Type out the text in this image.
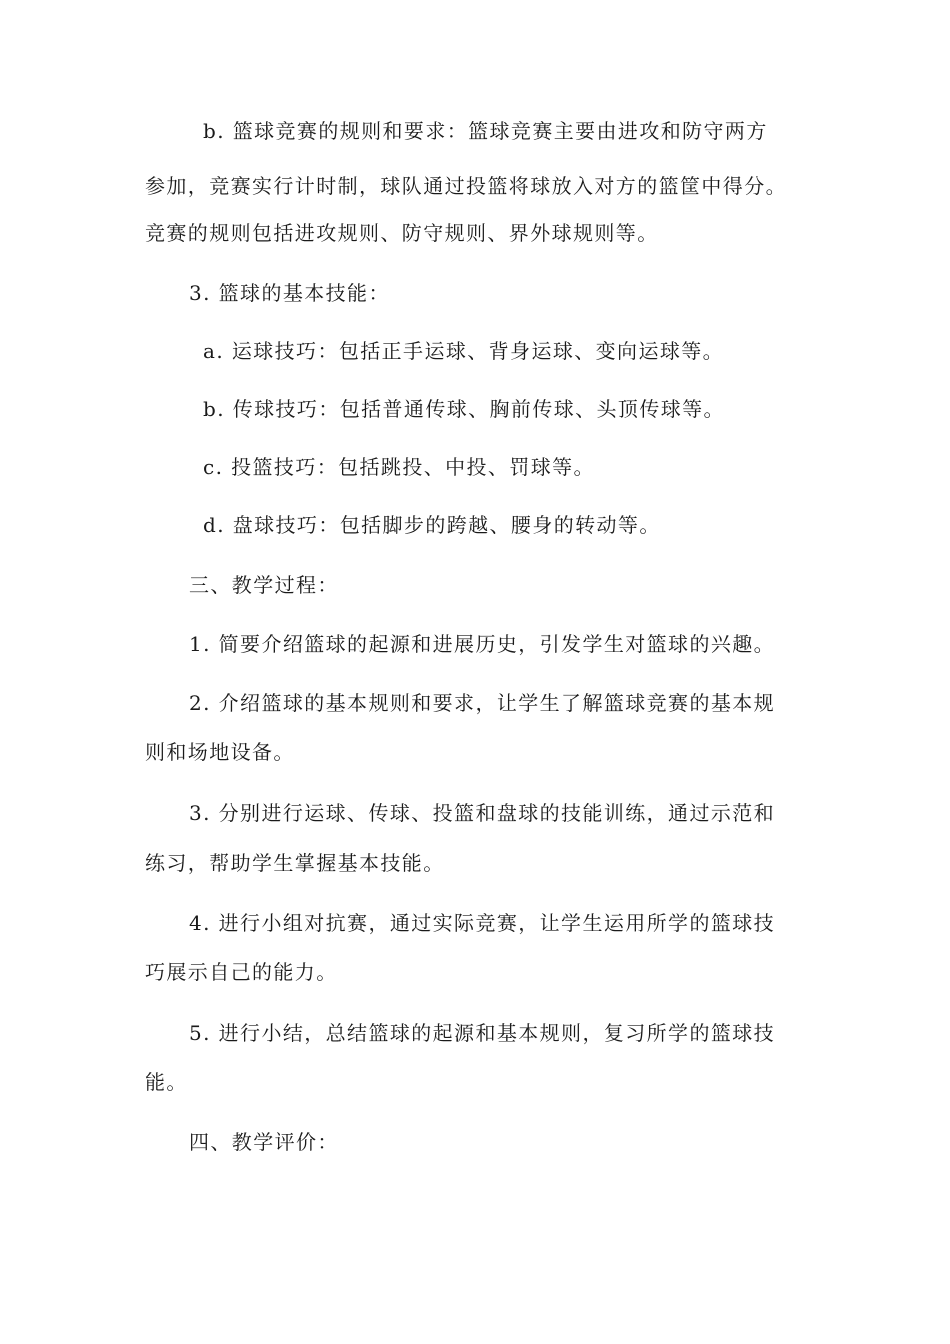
b. 篮球竞赛的规则和要求：篮球竞赛主要由进攻和防守两方
参加，竞赛实行计时制，球队通过投篮将球放入对方的篮筐中得分。
竞赛的规则包括进攻规则、防守规则、界外球规则等。
3. 篮球的基本技能：
a. 运球技巧：包括正手运球、背身运球、变向运球等。
b. 传球技巧：包括普通传球、胸前传球、头顶传球等。
c. 投篮技巧：包括跳投、中投、罚球等。
d. 盘球技巧：包括脚步的跨越、腰身的转动等。
三、教学过程：
1. 简要介绍篮球的起源和进展历史，引发学生对篮球的兴趣。
2. 介绍篮球的基本规则和要求，让学生了解篮球竞赛的基本规
则和场地设备。
3. 分别进行运球、传球、投篮和盘球的技能训练，通过示范和
练习，帮助学生掌握基本技能。
4. 进行小组对抗赛，通过实际竞赛，让学生运用所学的篮球技
巧展示自己的能力。
5. 进行小结，总结篮球的起源和基本规则，复习所学的篮球技
能。
四、教学评价：
